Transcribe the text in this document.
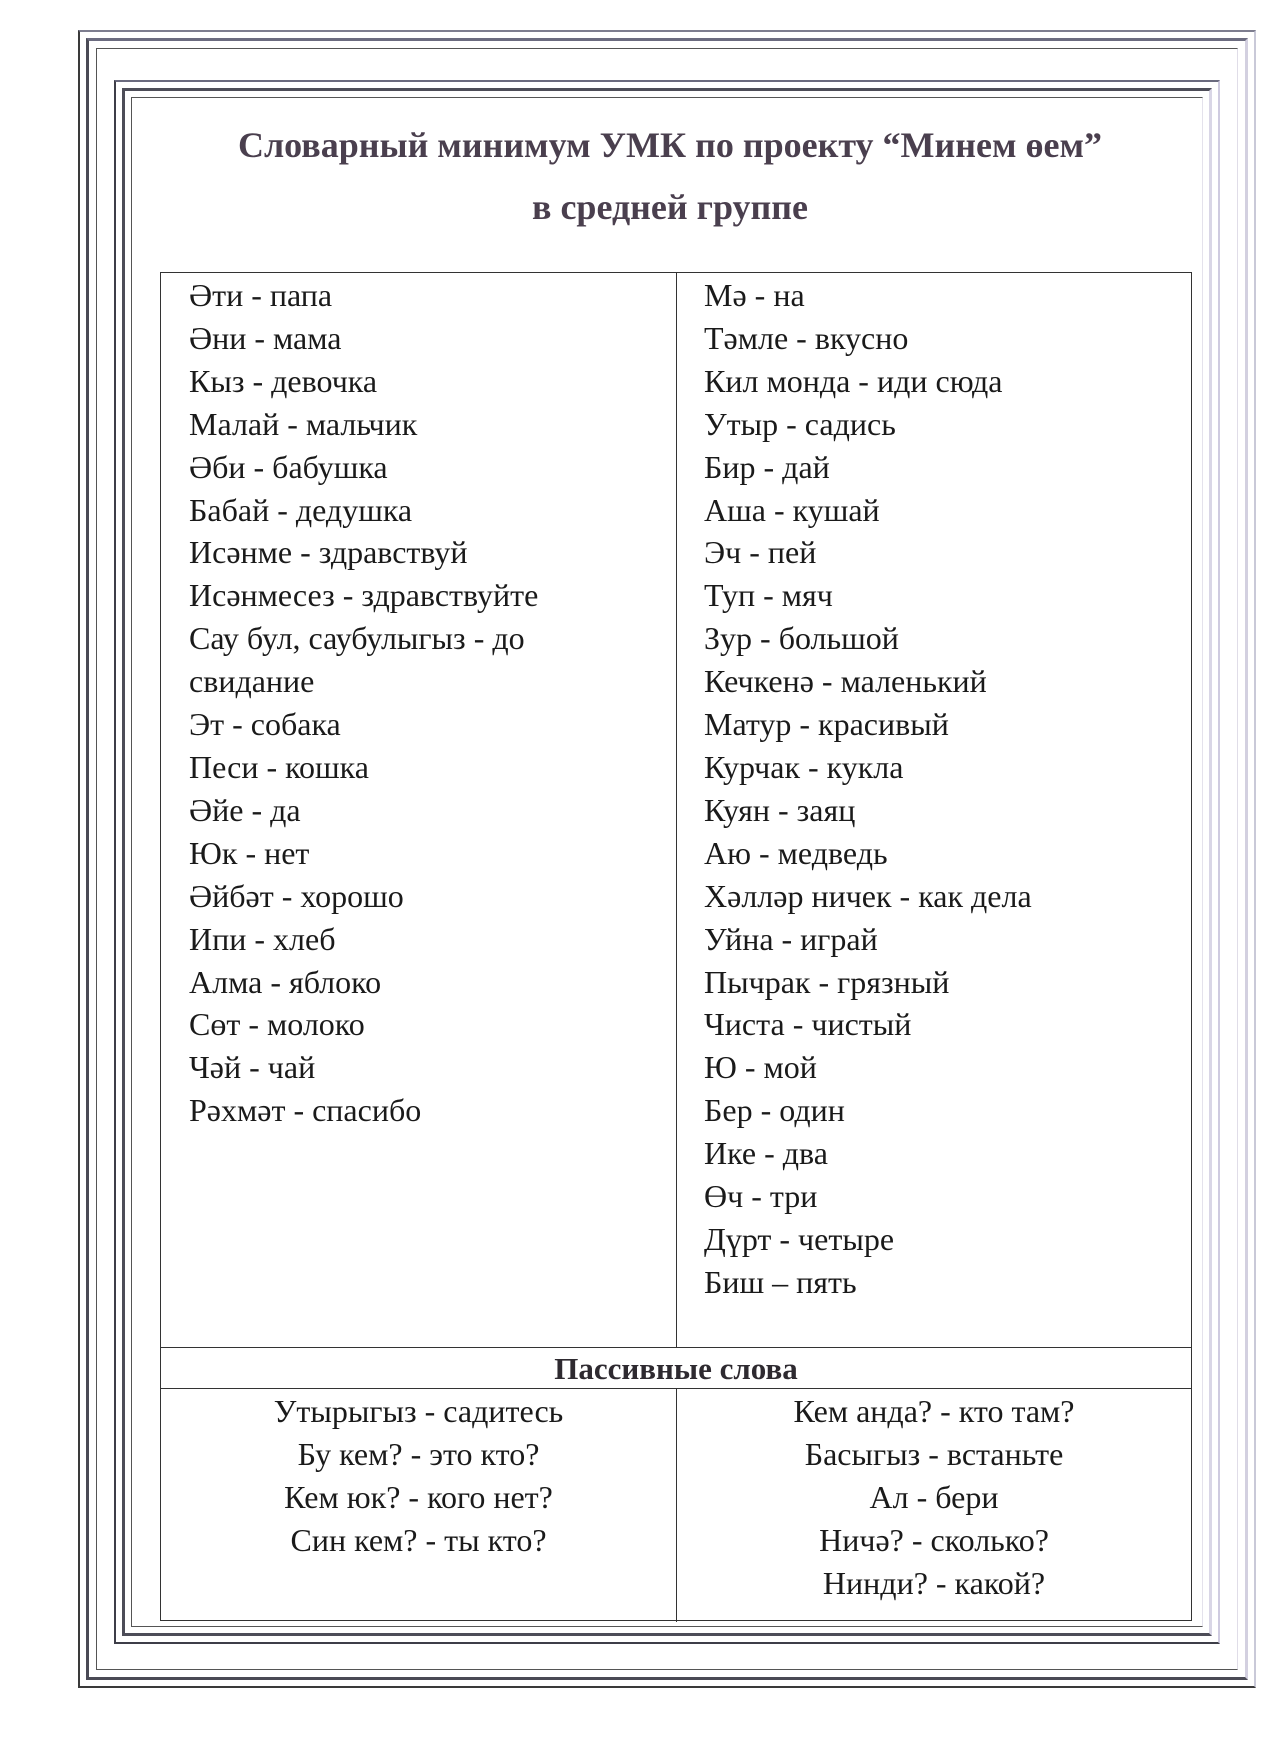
Словарный минимум УМК по проекту “Минем өем”
в средней группе
Әти - папа
Әни - мама
Кыз - девочка
Малай - мальчик
Әби - бабушка
Бабай - дедушка
Исәнме - здравствуй
Исәнмесез - здравствуйте
Сау бул, саубулыгыз - до
свидание
Эт - собака
Песи - кошка
Әйе - да
Юк - нет
Әйбәт - хорошо
Ипи - хлеб
Алма - яблоко
Сөт - молоко
Чәй - чай
Рәхмәт - спасибо
Мә - на
Тәмле - вкусно
Кил монда - иди сюда
Утыр - садись
Бир - дай
Аша - кушай
Эч - пей
Туп - мяч
Зур - большой
Кечкенә - маленький
Матур - красивый
Курчак - кукла
Куян - заяц
Аю - медведь
Хәлләр ничек - как дела
Уйна - играй
Пычрак - грязный
Чиста - чистый
Ю - мой
Бер - один
Ике - два
Өч - три
Дүрт - четыре
Биш – пять
Пассивные слова
Утырыгыз - садитесь
Бу кем? - это кто?
Кем юк? - кого нет?
Син кем? - ты кто?
Кем анда? - кто там?
Басыгыз - встаньте
Ал - бери
Ничә? - сколько?
Нинди? - какой?
